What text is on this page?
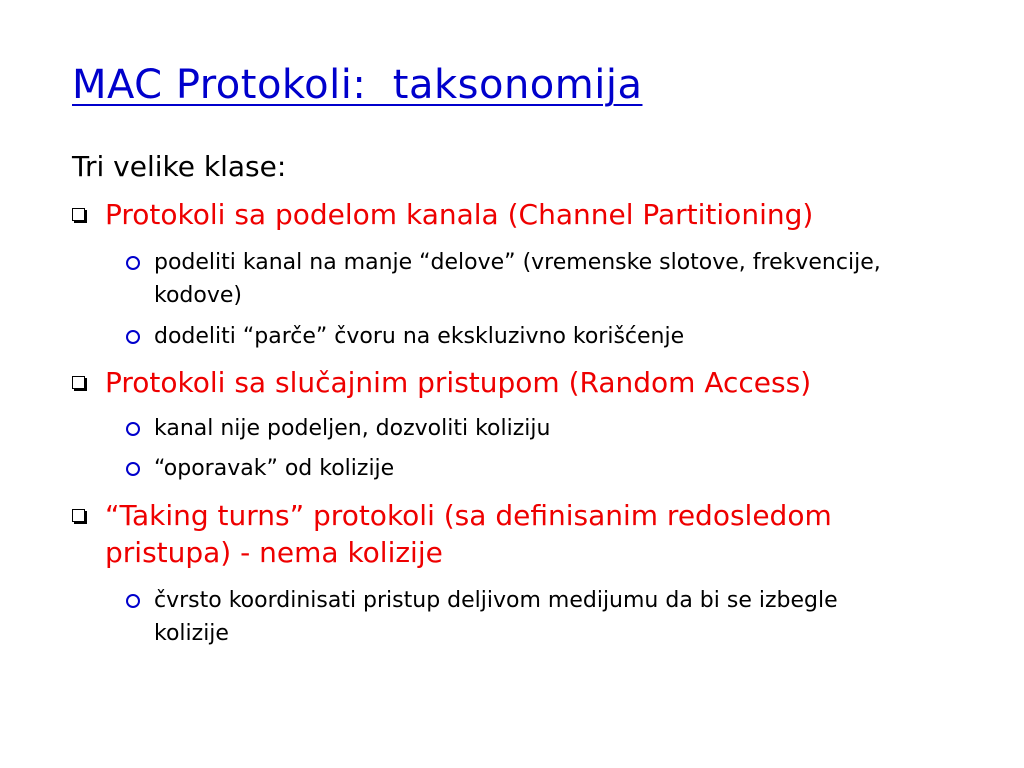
MAC Protokoli:  taksonomija
Tri velike klase:
Protokoli sa podelom kanala (Channel Partitioning)
podeliti kanal na manje “delove” (vremenske slotove, frekvencije, kodove)
dodeliti “parče” čvoru na ekskluzivno korišćenje
Protokoli sa slučajnim pristupom (Random Access)
kanal nije podeljen, dozvoliti koliziju
“oporavak” od kolizije
“Taking turns” protokoli (sa definisanim redosledom pristupa) - nema kolizije
čvrsto koordinisati pristup deljivom medijumu da bi se izbegle kolizije
